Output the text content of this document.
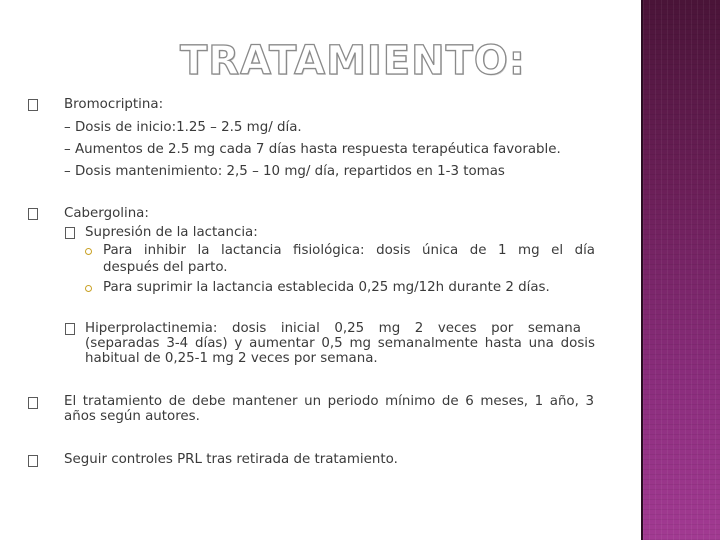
TRATAMIENTO:
Bromocriptina:
– Dosis de inicio:1.25 – 2.5 mg/ día.
– Aumentos de 2.5 mg cada 7 días hasta respuesta terapéutica favorable.
– Dosis mantenimiento: 2,5 – 10 mg/ día, repartidos en 1-3 tomas
Cabergolina:
Supresión de la lactancia:
Para inhibir la lactancia fisiológica: dosis única de 1 mg el día
después del parto.
Para suprimir la lactancia establecida 0,25 mg/12h durante 2 días.
Hiperprolactinemia: dosis inicial 0,25 mg 2 veces por semana
(separadas 3-4 días) y aumentar 0,5 mg semanalmente hasta una dosis
habitual de 0,25-1 mg 2 veces por semana.
El tratamiento de debe mantener un periodo mínimo de 6 meses, 1 año, 3
años según autores.
Seguir controles PRL tras retirada de tratamiento.
